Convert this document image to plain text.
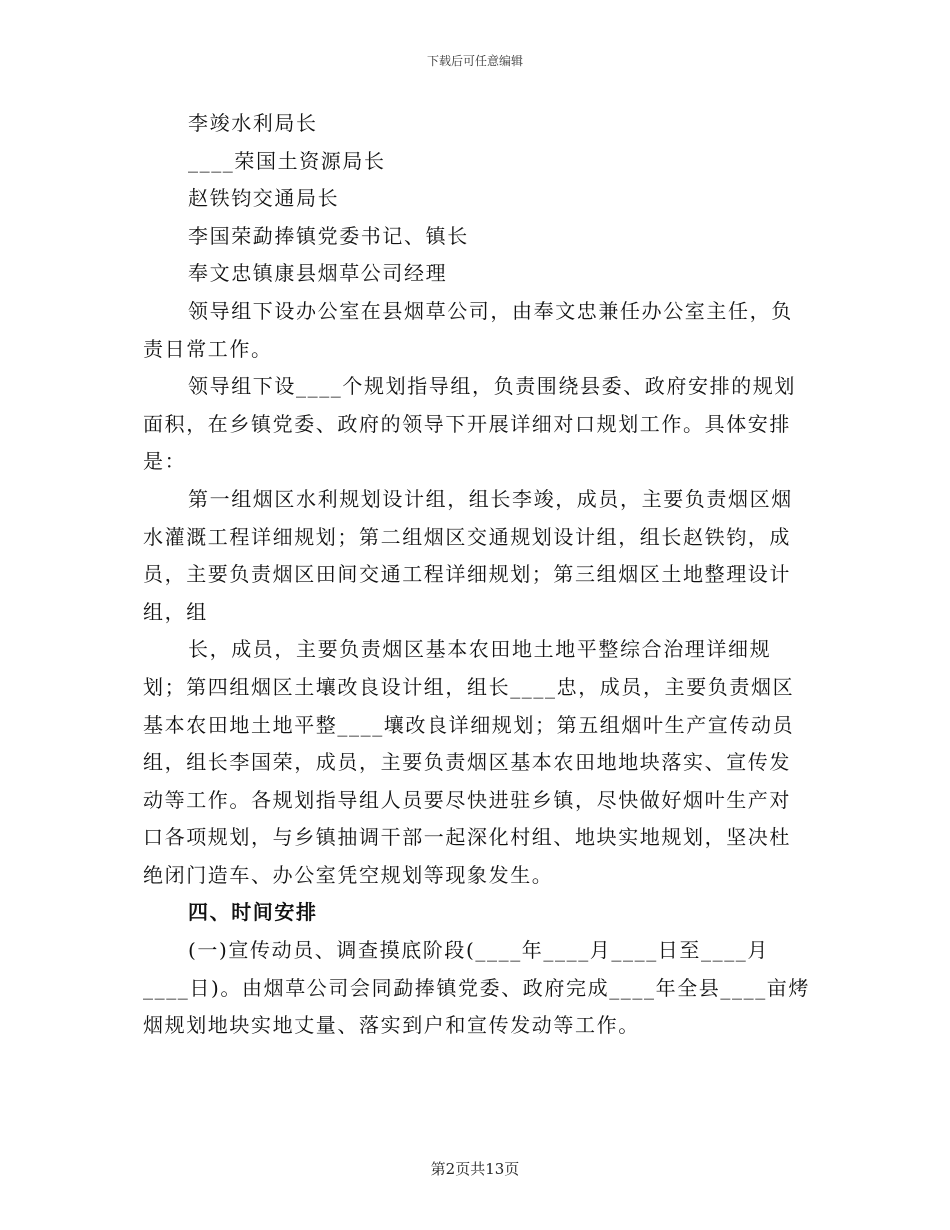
下载后可任意编辑

李竣水利局长

____荣国土资源局长

赵铁钧交通局长

李国荣勐捧镇党委书记、镇长

奉文忠镇康县烟草公司经理

领导组下设办公室在县烟草公司，由奉文忠兼任办公室主任，负责日常工作。

领导组下设____个规划指导组，负责围绕县委、政府安排的规划面积，在乡镇党委、政府的领导下开展详细对口规划工作。具体安排是：

第一组烟区水利规划设计组，组长李竣，成员，主要负责烟区烟水灌溉工程详细规划；第二组烟区交通规划设计组，组长赵铁钧，成员，主要负责烟区田间交通工程详细规划；第三组烟区土地整理设计组，组

长，成员，主要负责烟区基本农田地土地平整综合治理详细规划；第四组烟区土壤改良设计组，组长____忠，成员，主要负责烟区基本农田地土地平整____壤改良详细规划；第五组烟叶生产宣传动员组，组长李国荣，成员，主要负责烟区基本农田地地块落实、宣传发动等工作。各规划指导组人员要尽快进驻乡镇，尽快做好烟叶生产对口各项规划，与乡镇抽调干部一起深化村组、地块实地规划，坚决杜绝闭门造车、办公室凭空规划等现象发生。

四、时间安排

(一)宣传动员、调查摸底阶段(____年____月____日至____月____日)。由烟草公司会同勐捧镇党委、政府完成____年全县____亩烤烟规划地块实地丈量、落实到户和宣传发动等工作。

第2页共13页
